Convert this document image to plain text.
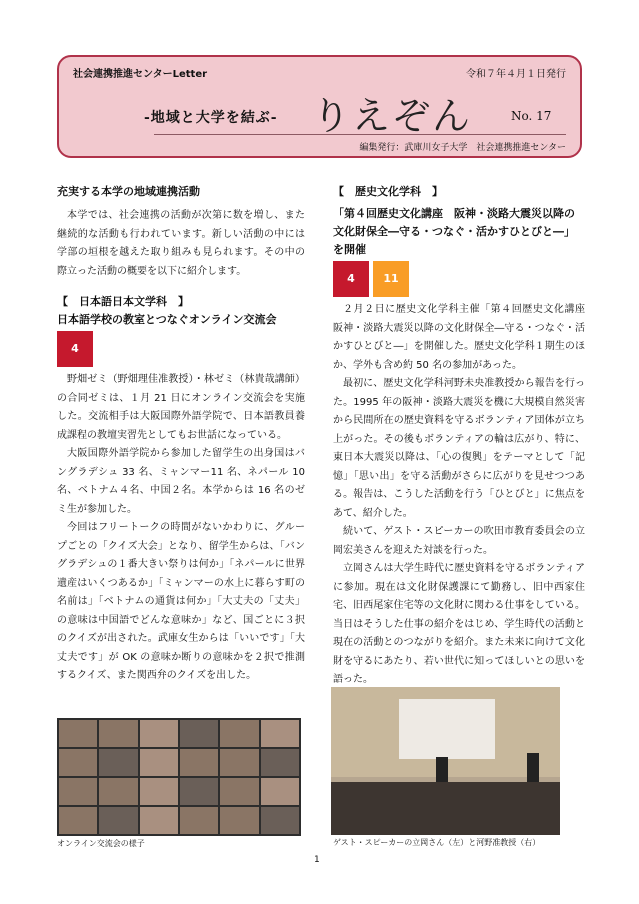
社会連携推進センターLetter	令和７年４月１日発行
-地域と大学を結ぶ- りえぞん	No. 17
編集発行：武庫川女子大学　社会連携推進センター
充実する本学の地域連携活動

本学では、社会連携の活動が次第に数を増し、また継続的な活動も行われています。新しい活動の中には学部の垣根を越えた取り組みも見られます。その中の際立った活動の概要を以下に紹介します。

【　日本語日本文学科　】
日本語学校の教室とつなぐオンライン交流会
4

野畑ゼミ（野畑理佳准教授）・林ゼミ（林貴哉講師）の合同ゼミは、１月 21 日にオンライン交流会を実施した。交流相手は大阪国際外語学院で、日本語教員養成課程の教壇実習先としてもお世話になっている。

大阪国際外語学院から参加した留学生の出身国はバングラデシュ 33 名、ミャンマー11 名、ネパール 10 名、ベトナム４名、中国２名。本学からは 16 名のゼミ生が参加した。

今回はフリートークの時間がないかわりに、グループごとの「クイズ大会」となり、留学生からは、「バングラデシュの１番大きい祭りは何か」「ネパールに世界遺産はいくつあるか」「ミャンマーの水上に暮らす町の名前は」「ベトナムの通貨は何か」「大丈夫の「丈夫」の意味は中国語でどんな意味か」など、国ごとに３択のクイズが出された。武庫女生からは「いいです」「大丈夫です」が OK の意味か断りの意味かを２択で推測するクイズ、また関西弁のクイズを出した。

オンライン交流会の様子
【　歴史文化学科　】
「第４回歴史文化講座　阪神・淡路大震災以降の文化財保全―守る・つなぐ・活かすひとびと―」を開催
4	11

２月２日に歴史文化学科主催「第４回歴史文化講座　阪神・淡路大震災以降の文化財保全―守る・つなぐ・活かすひとびと―」を開催した。歴史文化学科１期生のほか、学外も含め約 50 名の参加があった。

最初に、歴史文化学科河野未央准教授から報告を行った。1995 年の阪神・淡路大震災を機に大規模自然災害から民間所在の歴史資料を守るボランティア団体が立ち上がった。その後もボランティアの輪は広がり、特に、東日本大震災以降は、「心の復興」をテーマとして「記憶」「思い出」を守る活動がさらに広がりを見せつつある。報告は、こうした活動を行う「ひとびと」に焦点をあて、紹介した。

続いて、ゲスト・スピーカーの吹田市教育委員会の立岡宏美さんを迎えた対談を行った。

立岡さんは大学生時代に歴史資料を守るボランティアに参加。現在は文化財保護課にて勤務し、旧中西家住宅、旧西尾家住宅等の文化財に関わる仕事をしている。当日はそうした仕事の紹介をはじめ、学生時代の活動と現在の活動とのつながりを紹介。また未来に向けて文化財を守るにあたり、若い世代に知ってほしいとの思いを語った。

ゲスト・スピーカーの立岡さん（左）と河野准教授（右）
1
